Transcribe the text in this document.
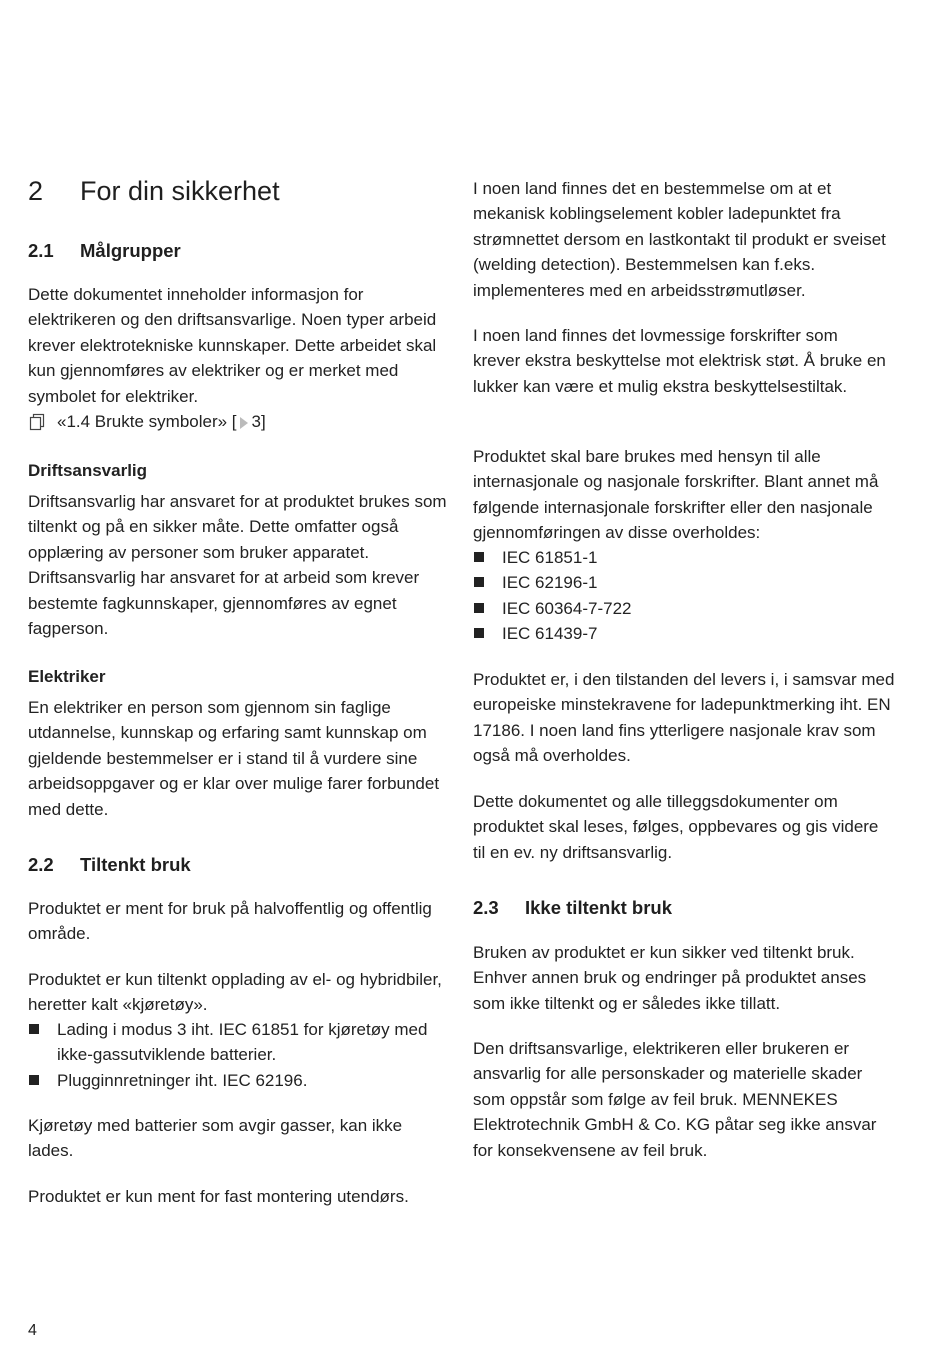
2 For din sikkerhet
2.1 Målgrupper

Dette dokumentet inneholder informasjon for elektrikeren og den driftsansvarlige. Noen typer arbeid krever elektrotekniske kunnskaper. Dette arbeidet skal kun gjennomføres av elektriker og er merket med symbolet for elektriker.

«1.4 Brukte symboler» [ 3]

Driftsansvarlig

Driftsansvarlig har ansvaret for at produktet brukes som tiltenkt og på en sikker måte. Dette omfatter også opplæring av personer som bruker apparatet. Driftsansvarlig har ansvaret for at arbeid som krever bestemte fagkunnskaper, gjennomføres av egnet fagperson.

Elektriker

En elektriker en person som gjennom sin faglige utdannelse, kunnskap og erfaring samt kunnskap om gjeldende bestemmelser er i stand til å vurdere sine arbeidsoppgaver og er klar over mulige farer forbundet med dette.

2.2 Tiltenkt bruk

Produktet er ment for bruk på halvoffentlig og offentlig område.

Produktet er kun tiltenkt opplading av el- og hybridbiler, heretter kalt «kjøretøy».

Lading i modus 3 iht. IEC 61851 for kjøretøy med ikke-gassutviklende batterier.
Plugginnretninger iht. IEC 62196.

Kjøretøy med batterier som avgir gasser, kan ikke lades.

Produktet er kun ment for fast montering utendørs.

I noen land finnes det en bestemmelse om at et mekanisk koblingselement kobler ladepunktet fra strømnettet dersom en lastkontakt til produkt er sveiset (welding detection). Bestemmelsen kan f.eks. implementeres med en arbeidsstrømutløser.

I noen land finnes det lovmessige forskrifter som krever ekstra beskyttelse mot elektrisk støt. Å bruke en lukker kan være et mulig ekstra beskyttelsestiltak.

Produktet skal bare brukes med hensyn til alle internasjonale og nasjonale forskrifter. Blant annet må følgende internasjonale forskrifter eller den nasjonale gjennomføringen av disse overholdes:

IEC 61851-1
IEC 62196-1
IEC 60364-7-722
IEC 61439-7

Produktet er, i den tilstanden del levers i, i samsvar med europeiske minstekravene for ladepunktmerking iht. EN 17186. I noen land fins ytterligere nasjonale krav som også må overholdes.

Dette dokumentet og alle tilleggsdokumenter om produktet skal leses, følges, oppbevares og gis videre til en ev. ny driftsansvarlig.

2.3 Ikke tiltenkt bruk

Bruken av produktet er kun sikker ved tiltenkt bruk. Enhver annen bruk og endringer på produktet anses som ikke tiltenkt og er således ikke tillatt.

Den driftsansvarlige, elektrikeren eller brukeren er ansvarlig for alle personskader og materielle skader som oppstår som følge av feil bruk. MENNEKES Elektrotechnik GmbH & Co. KG påtar seg ikke ansvar for konsekvensene av feil bruk.

4
